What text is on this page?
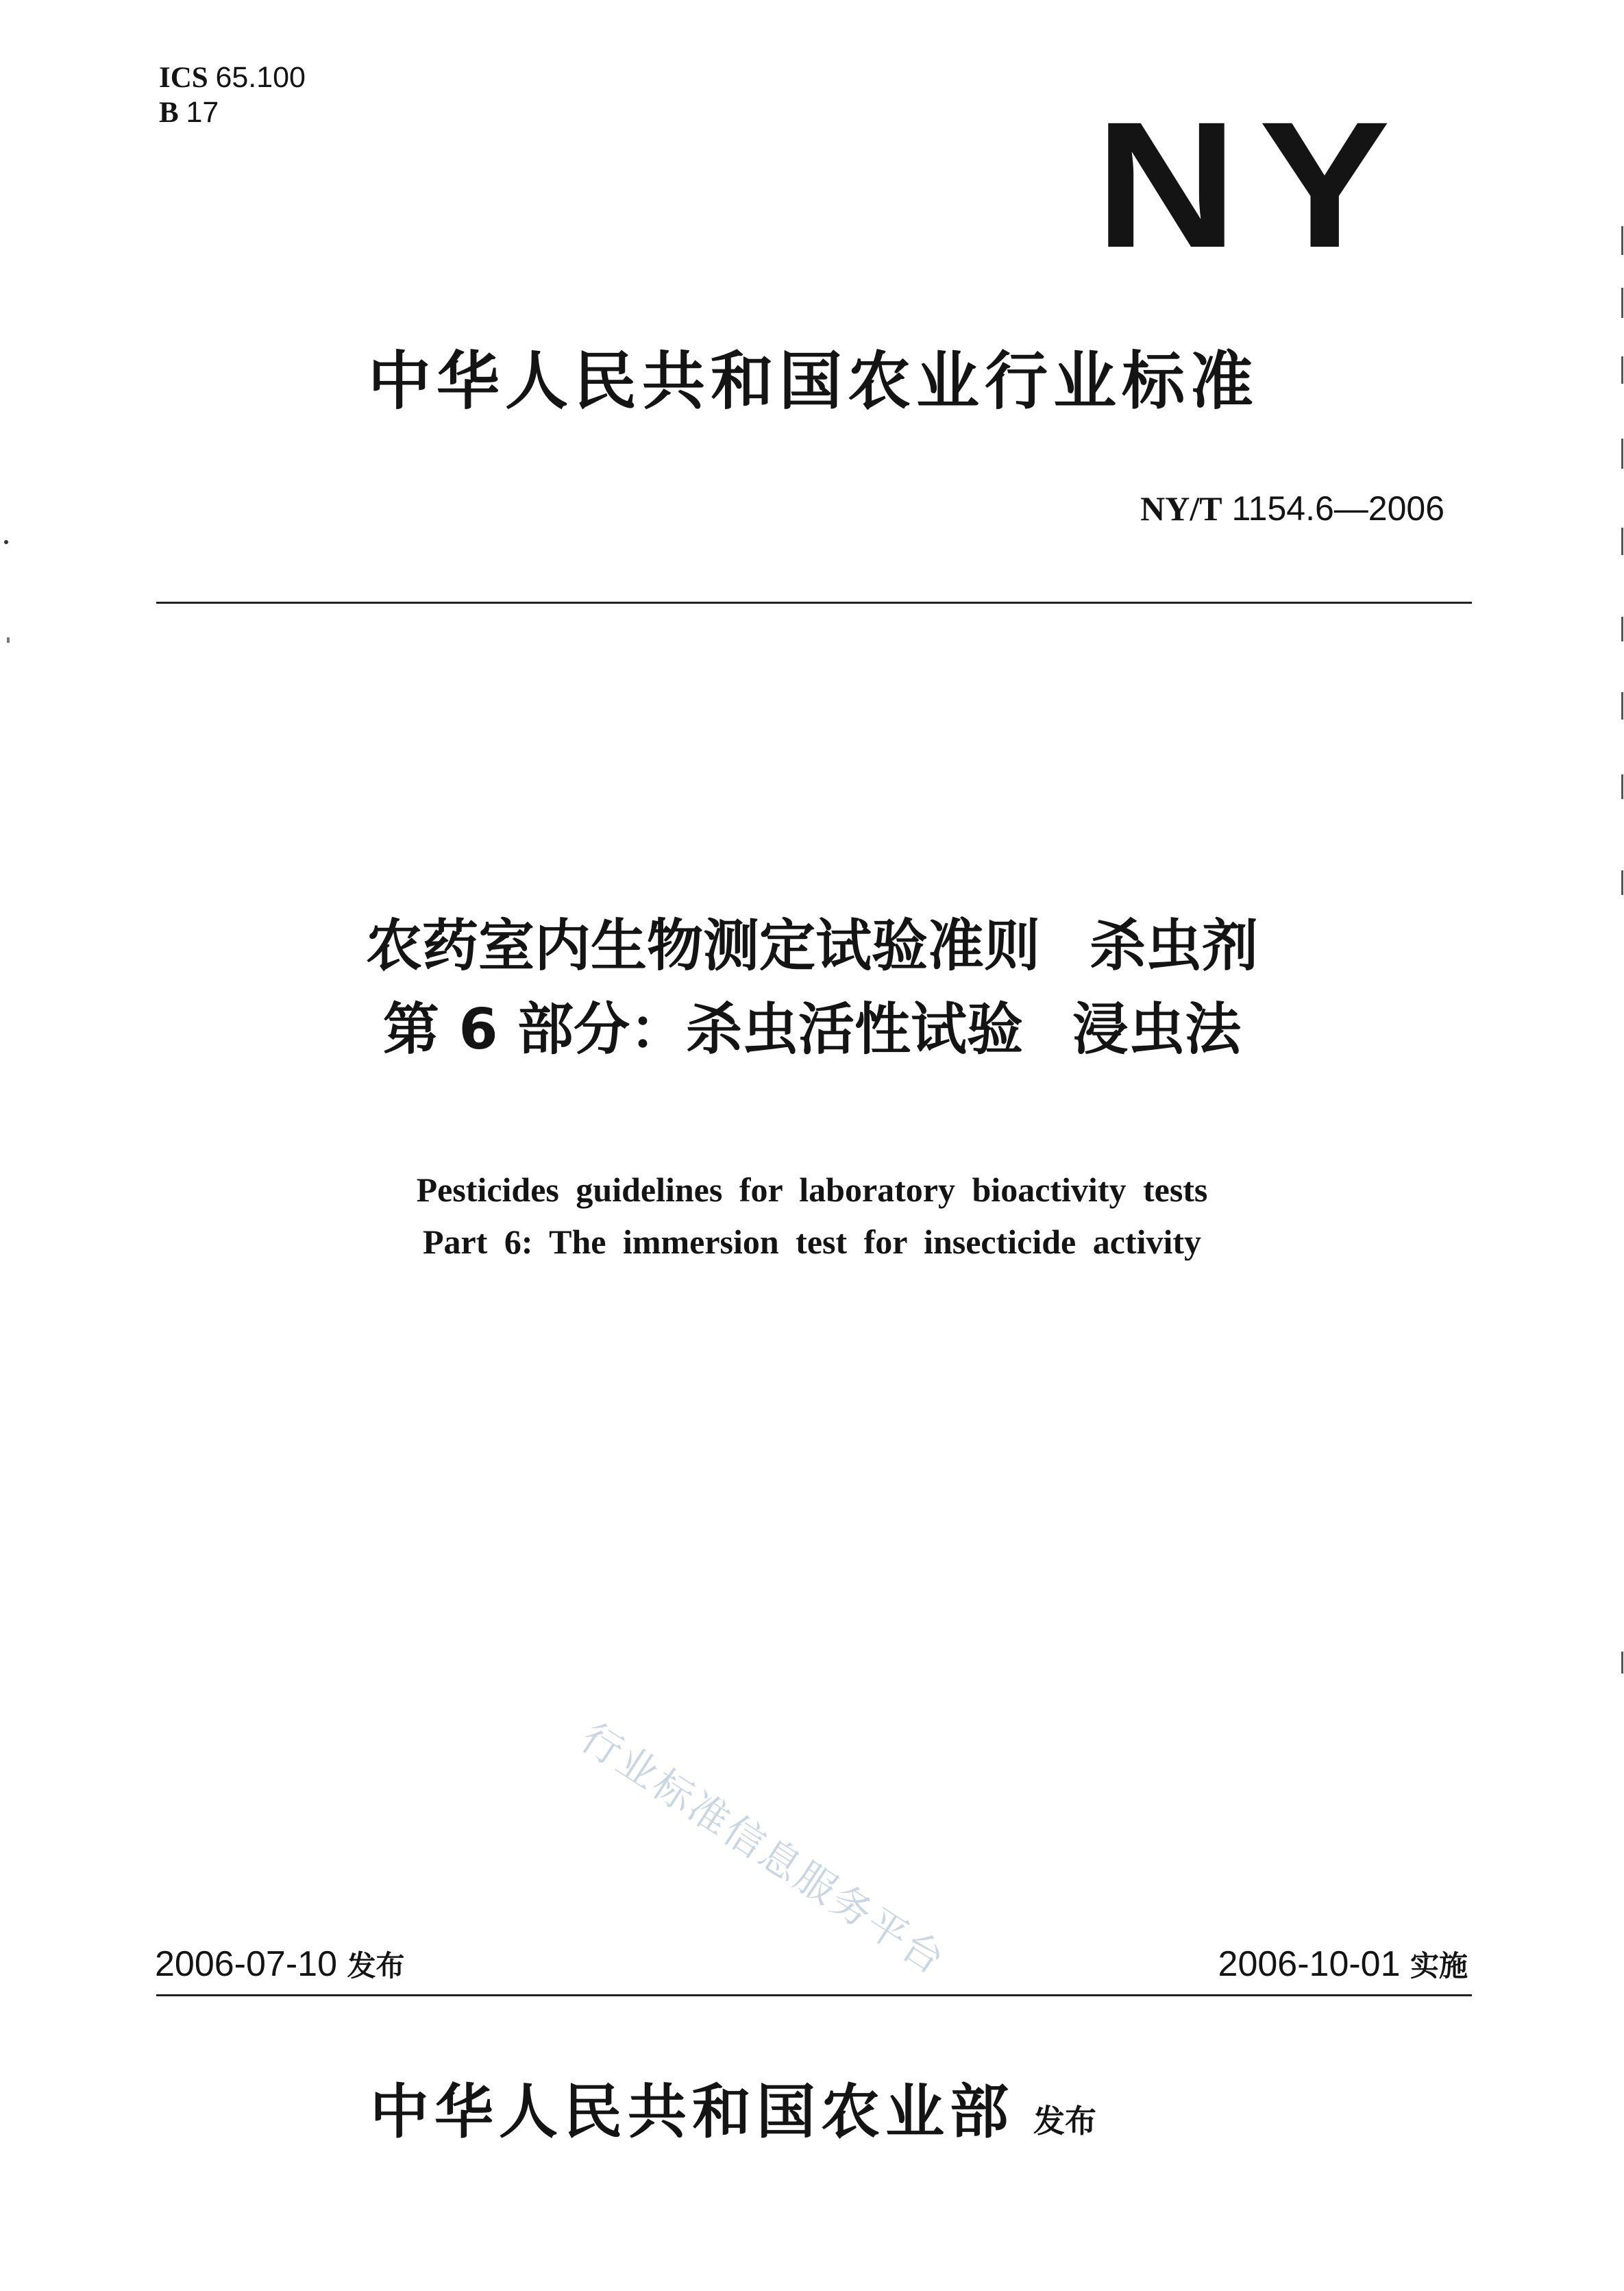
ICS 65.100
B 17	NY
中华人民共和国农业行业标准
NY/T 1154.6—2006
农药室内生物测定试验准则 杀虫剂
第 6 部分：杀虫活性试验 浸虫法
Pesticides guidelines for laboratory bioactivity tests
Part 6: The immersion test for insecticide activity
行业标准信息服务平台
2006-07-10 发布	2006-10-01 实施
中华人民共和国农业部 发布
